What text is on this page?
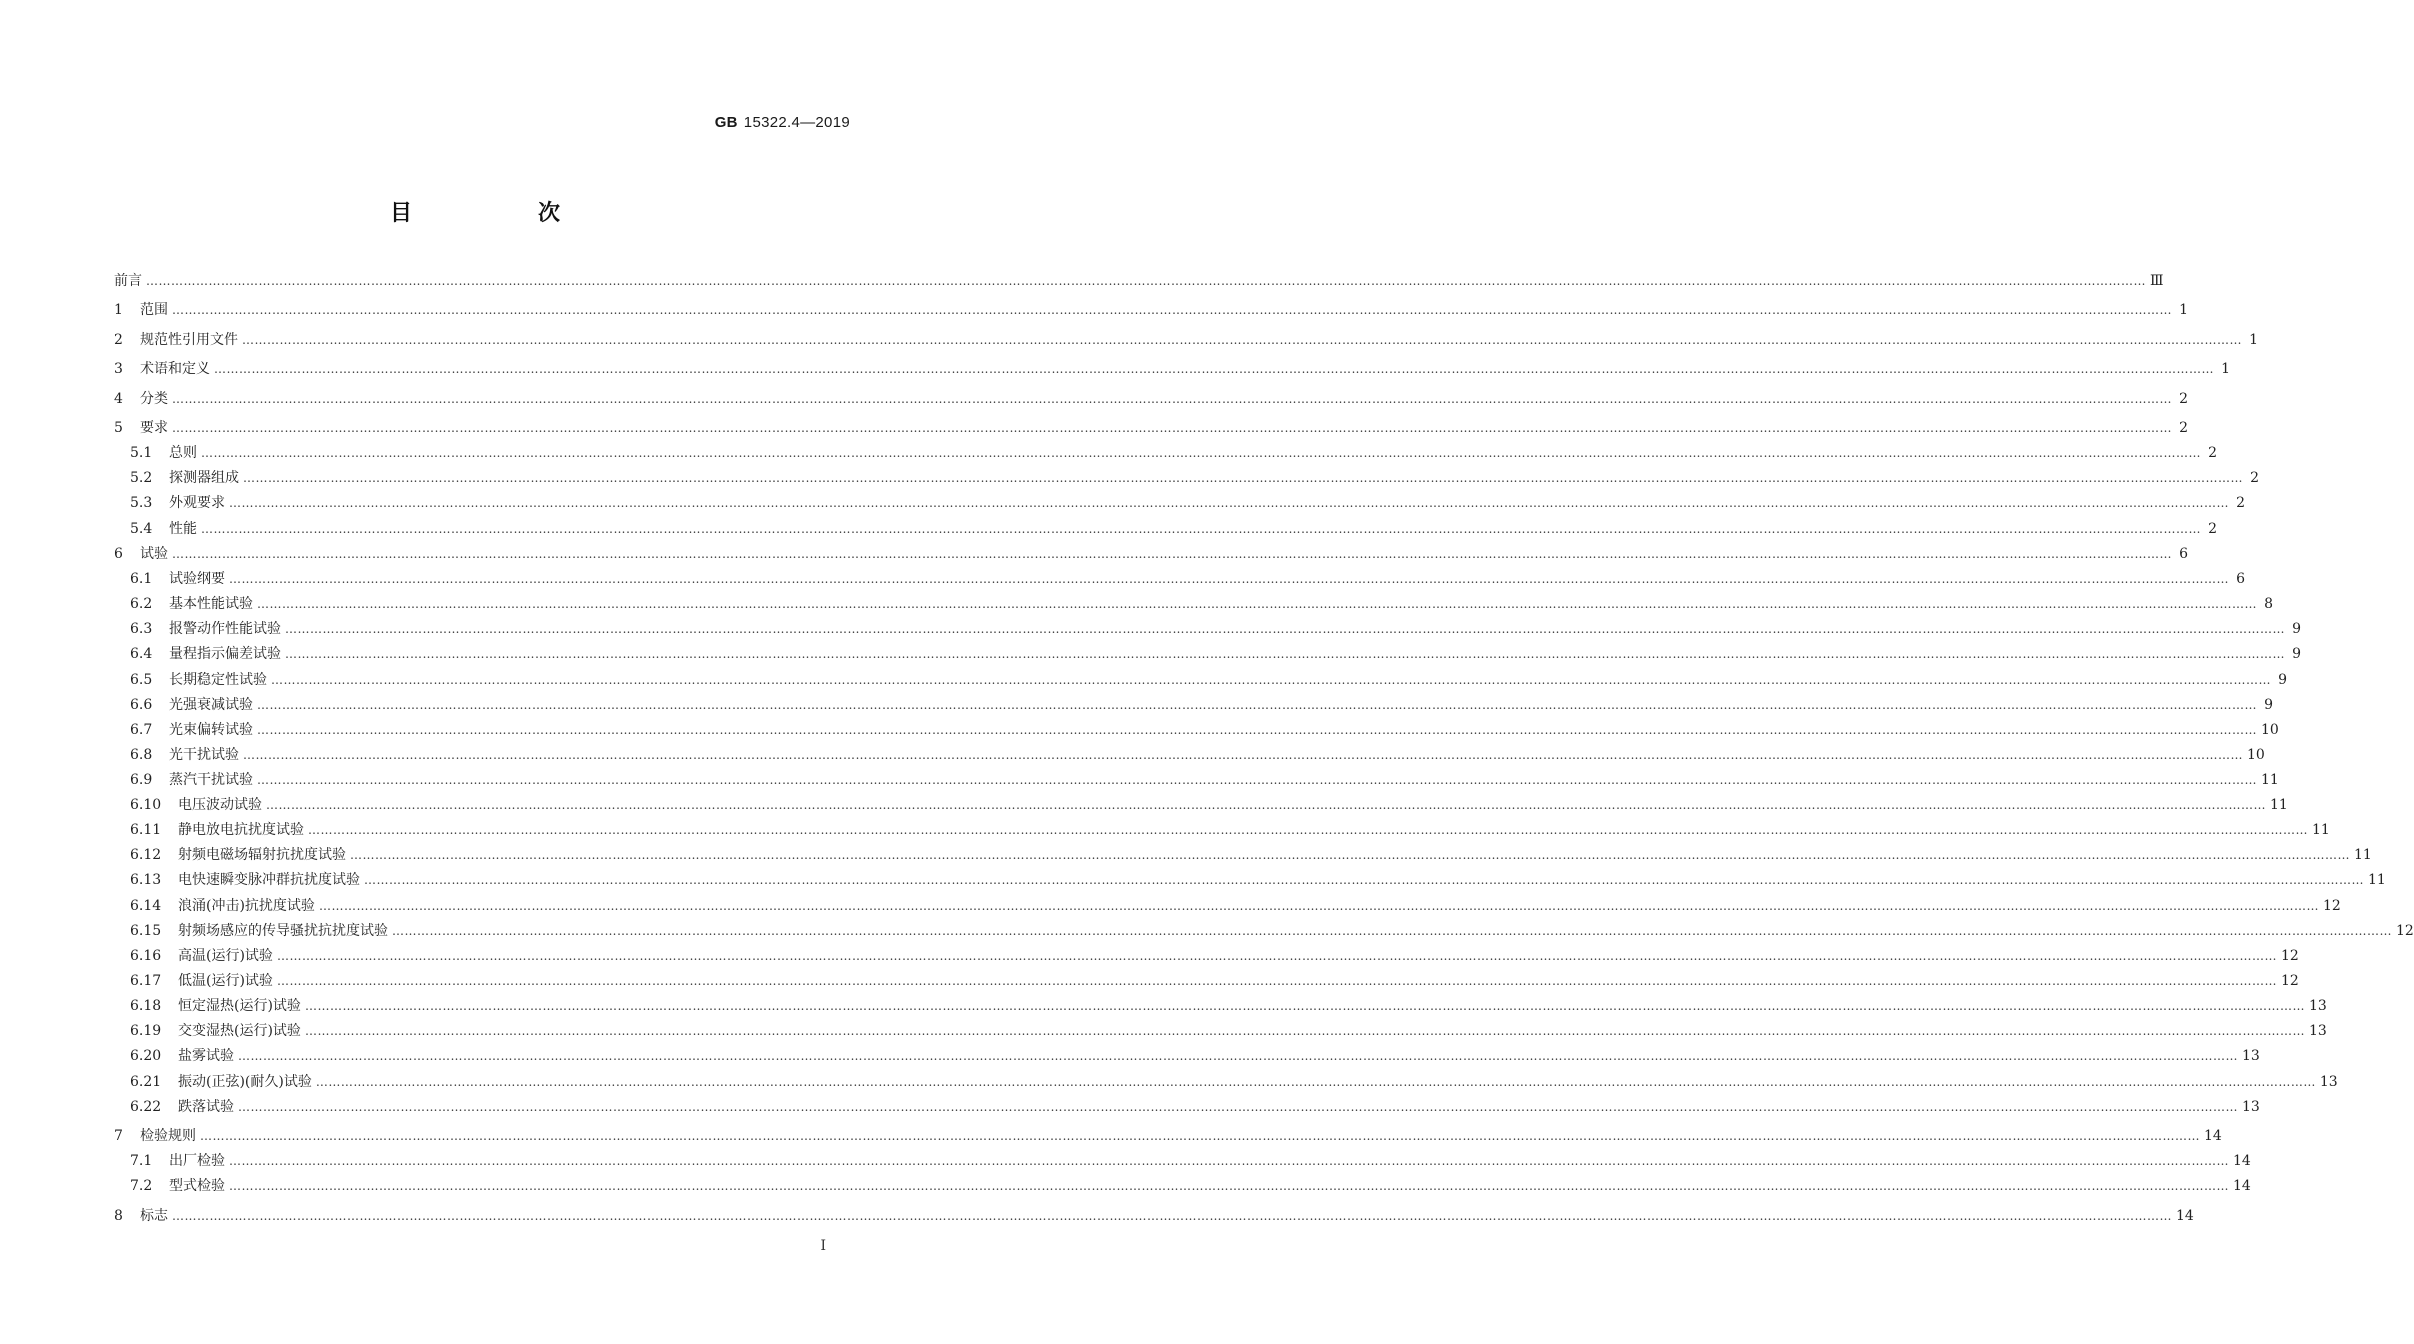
GB 15322.4—2019
目　次
前言 ………………………………………………………………………………………………………………………………………………………………………………………………………………………………………………………………………………………………………………………………………………………………………………………………………………………………………… Ⅲ
1	范围 ………………………………………………………………………………………………………………………………………………………………………………………………………………………………………………………………………………………………………………………………………………………………………………………………………………………………………… 1
2	规范性引用文件 ………………………………………………………………………………………………………………………………………………………………………………………………………………………………………………………………………………………………………………………………………………………………………………………………………………………………………… 1
3	术语和定义 ………………………………………………………………………………………………………………………………………………………………………………………………………………………………………………………………………………………………………………………………………………………………………………………………………………………………………… 1
4	分类 ………………………………………………………………………………………………………………………………………………………………………………………………………………………………………………………………………………………………………………………………………………………………………………………………………………………………………… 2
5	要求 ………………………………………………………………………………………………………………………………………………………………………………………………………………………………………………………………………………………………………………………………………………………………………………………………………………………………………… 2
5.1	总则 ………………………………………………………………………………………………………………………………………………………………………………………………………………………………………………………………………………………………………………………………………………………………………………………………………………………………………… 2
5.2	探测器组成 ………………………………………………………………………………………………………………………………………………………………………………………………………………………………………………………………………………………………………………………………………………………………………………………………………………………………………… 2
5.3	外观要求 ………………………………………………………………………………………………………………………………………………………………………………………………………………………………………………………………………………………………………………………………………………………………………………………………………………………………………… 2
5.4	性能 ………………………………………………………………………………………………………………………………………………………………………………………………………………………………………………………………………………………………………………………………………………………………………………………………………………………………………… 2
6	试验 ………………………………………………………………………………………………………………………………………………………………………………………………………………………………………………………………………………………………………………………………………………………………………………………………………………………………………… 6
6.1	试验纲要 ………………………………………………………………………………………………………………………………………………………………………………………………………………………………………………………………………………………………………………………………………………………………………………………………………………………………………… 6
6.2	基本性能试验 ………………………………………………………………………………………………………………………………………………………………………………………………………………………………………………………………………………………………………………………………………………………………………………………………………………………………………… 8
6.3	报警动作性能试验 ………………………………………………………………………………………………………………………………………………………………………………………………………………………………………………………………………………………………………………………………………………………………………………………………………………………………………… 9
6.4	量程指示偏差试验 ………………………………………………………………………………………………………………………………………………………………………………………………………………………………………………………………………………………………………………………………………………………………………………………………………………………………………… 9
6.5	长期稳定性试验 ………………………………………………………………………………………………………………………………………………………………………………………………………………………………………………………………………………………………………………………………………………………………………………………………………………………………………… 9
6.6	光强衰减试验 ………………………………………………………………………………………………………………………………………………………………………………………………………………………………………………………………………………………………………………………………………………………………………………………………………………………………………… 9
6.7	光束偏转试验 ………………………………………………………………………………………………………………………………………………………………………………………………………………………………………………………………………………………………………………………………………………………………………………………………………………………………………… 10
6.8	光干扰试验 ………………………………………………………………………………………………………………………………………………………………………………………………………………………………………………………………………………………………………………………………………………………………………………………………………………………………………… 10
6.9	蒸汽干扰试验 ………………………………………………………………………………………………………………………………………………………………………………………………………………………………………………………………………………………………………………………………………………………………………………………………………………………………………… 11
6.10	电压波动试验 ………………………………………………………………………………………………………………………………………………………………………………………………………………………………………………………………………………………………………………………………………………………………………………………………………………………………………… 11
6.11	静电放电抗扰度试验 ………………………………………………………………………………………………………………………………………………………………………………………………………………………………………………………………………………………………………………………………………………………………………………………………………………………………………… 11
6.12	射频电磁场辐射抗扰度试验 ………………………………………………………………………………………………………………………………………………………………………………………………………………………………………………………………………………………………………………………………………………………………………………………………………………………………………… 11
6.13	电快速瞬变脉冲群抗扰度试验 ………………………………………………………………………………………………………………………………………………………………………………………………………………………………………………………………………………………………………………………………………………………………………………………………………………………………………… 11
6.14	浪涌(冲击)抗扰度试验 ………………………………………………………………………………………………………………………………………………………………………………………………………………………………………………………………………………………………………………………………………………………………………………………………………………………………………… 12
6.15	射频场感应的传导骚扰抗扰度试验 ………………………………………………………………………………………………………………………………………………………………………………………………………………………………………………………………………………………………………………………………………………………………………………………………………………………………………… 12
6.16	高温(运行)试验 ………………………………………………………………………………………………………………………………………………………………………………………………………………………………………………………………………………………………………………………………………………………………………………………………………………………………………… 12
6.17	低温(运行)试验 ………………………………………………………………………………………………………………………………………………………………………………………………………………………………………………………………………………………………………………………………………………………………………………………………………………………………………… 12
6.18	恒定湿热(运行)试验 ………………………………………………………………………………………………………………………………………………………………………………………………………………………………………………………………………………………………………………………………………………………………………………………………………………………………………… 13
6.19	交变湿热(运行)试验 ………………………………………………………………………………………………………………………………………………………………………………………………………………………………………………………………………………………………………………………………………………………………………………………………………………………………………… 13
6.20	盐雾试验 ………………………………………………………………………………………………………………………………………………………………………………………………………………………………………………………………………………………………………………………………………………………………………………………………………………………………………… 13
6.21	振动(正弦)(耐久)试验 ………………………………………………………………………………………………………………………………………………………………………………………………………………………………………………………………………………………………………………………………………………………………………………………………………………………………………… 13
6.22	跌落试验 ………………………………………………………………………………………………………………………………………………………………………………………………………………………………………………………………………………………………………………………………………………………………………………………………………………………………………… 13
7	检验规则 ………………………………………………………………………………………………………………………………………………………………………………………………………………………………………………………………………………………………………………………………………………………………………………………………………………………………………… 14
7.1	出厂检验 ………………………………………………………………………………………………………………………………………………………………………………………………………………………………………………………………………………………………………………………………………………………………………………………………………………………………………… 14
7.2	型式检验 ………………………………………………………………………………………………………………………………………………………………………………………………………………………………………………………………………………………………………………………………………………………………………………………………………………………………………… 14
8	标志 ………………………………………………………………………………………………………………………………………………………………………………………………………………………………………………………………………………………………………………………………………………………………………………………………………………………………………… 14
Ⅰ
